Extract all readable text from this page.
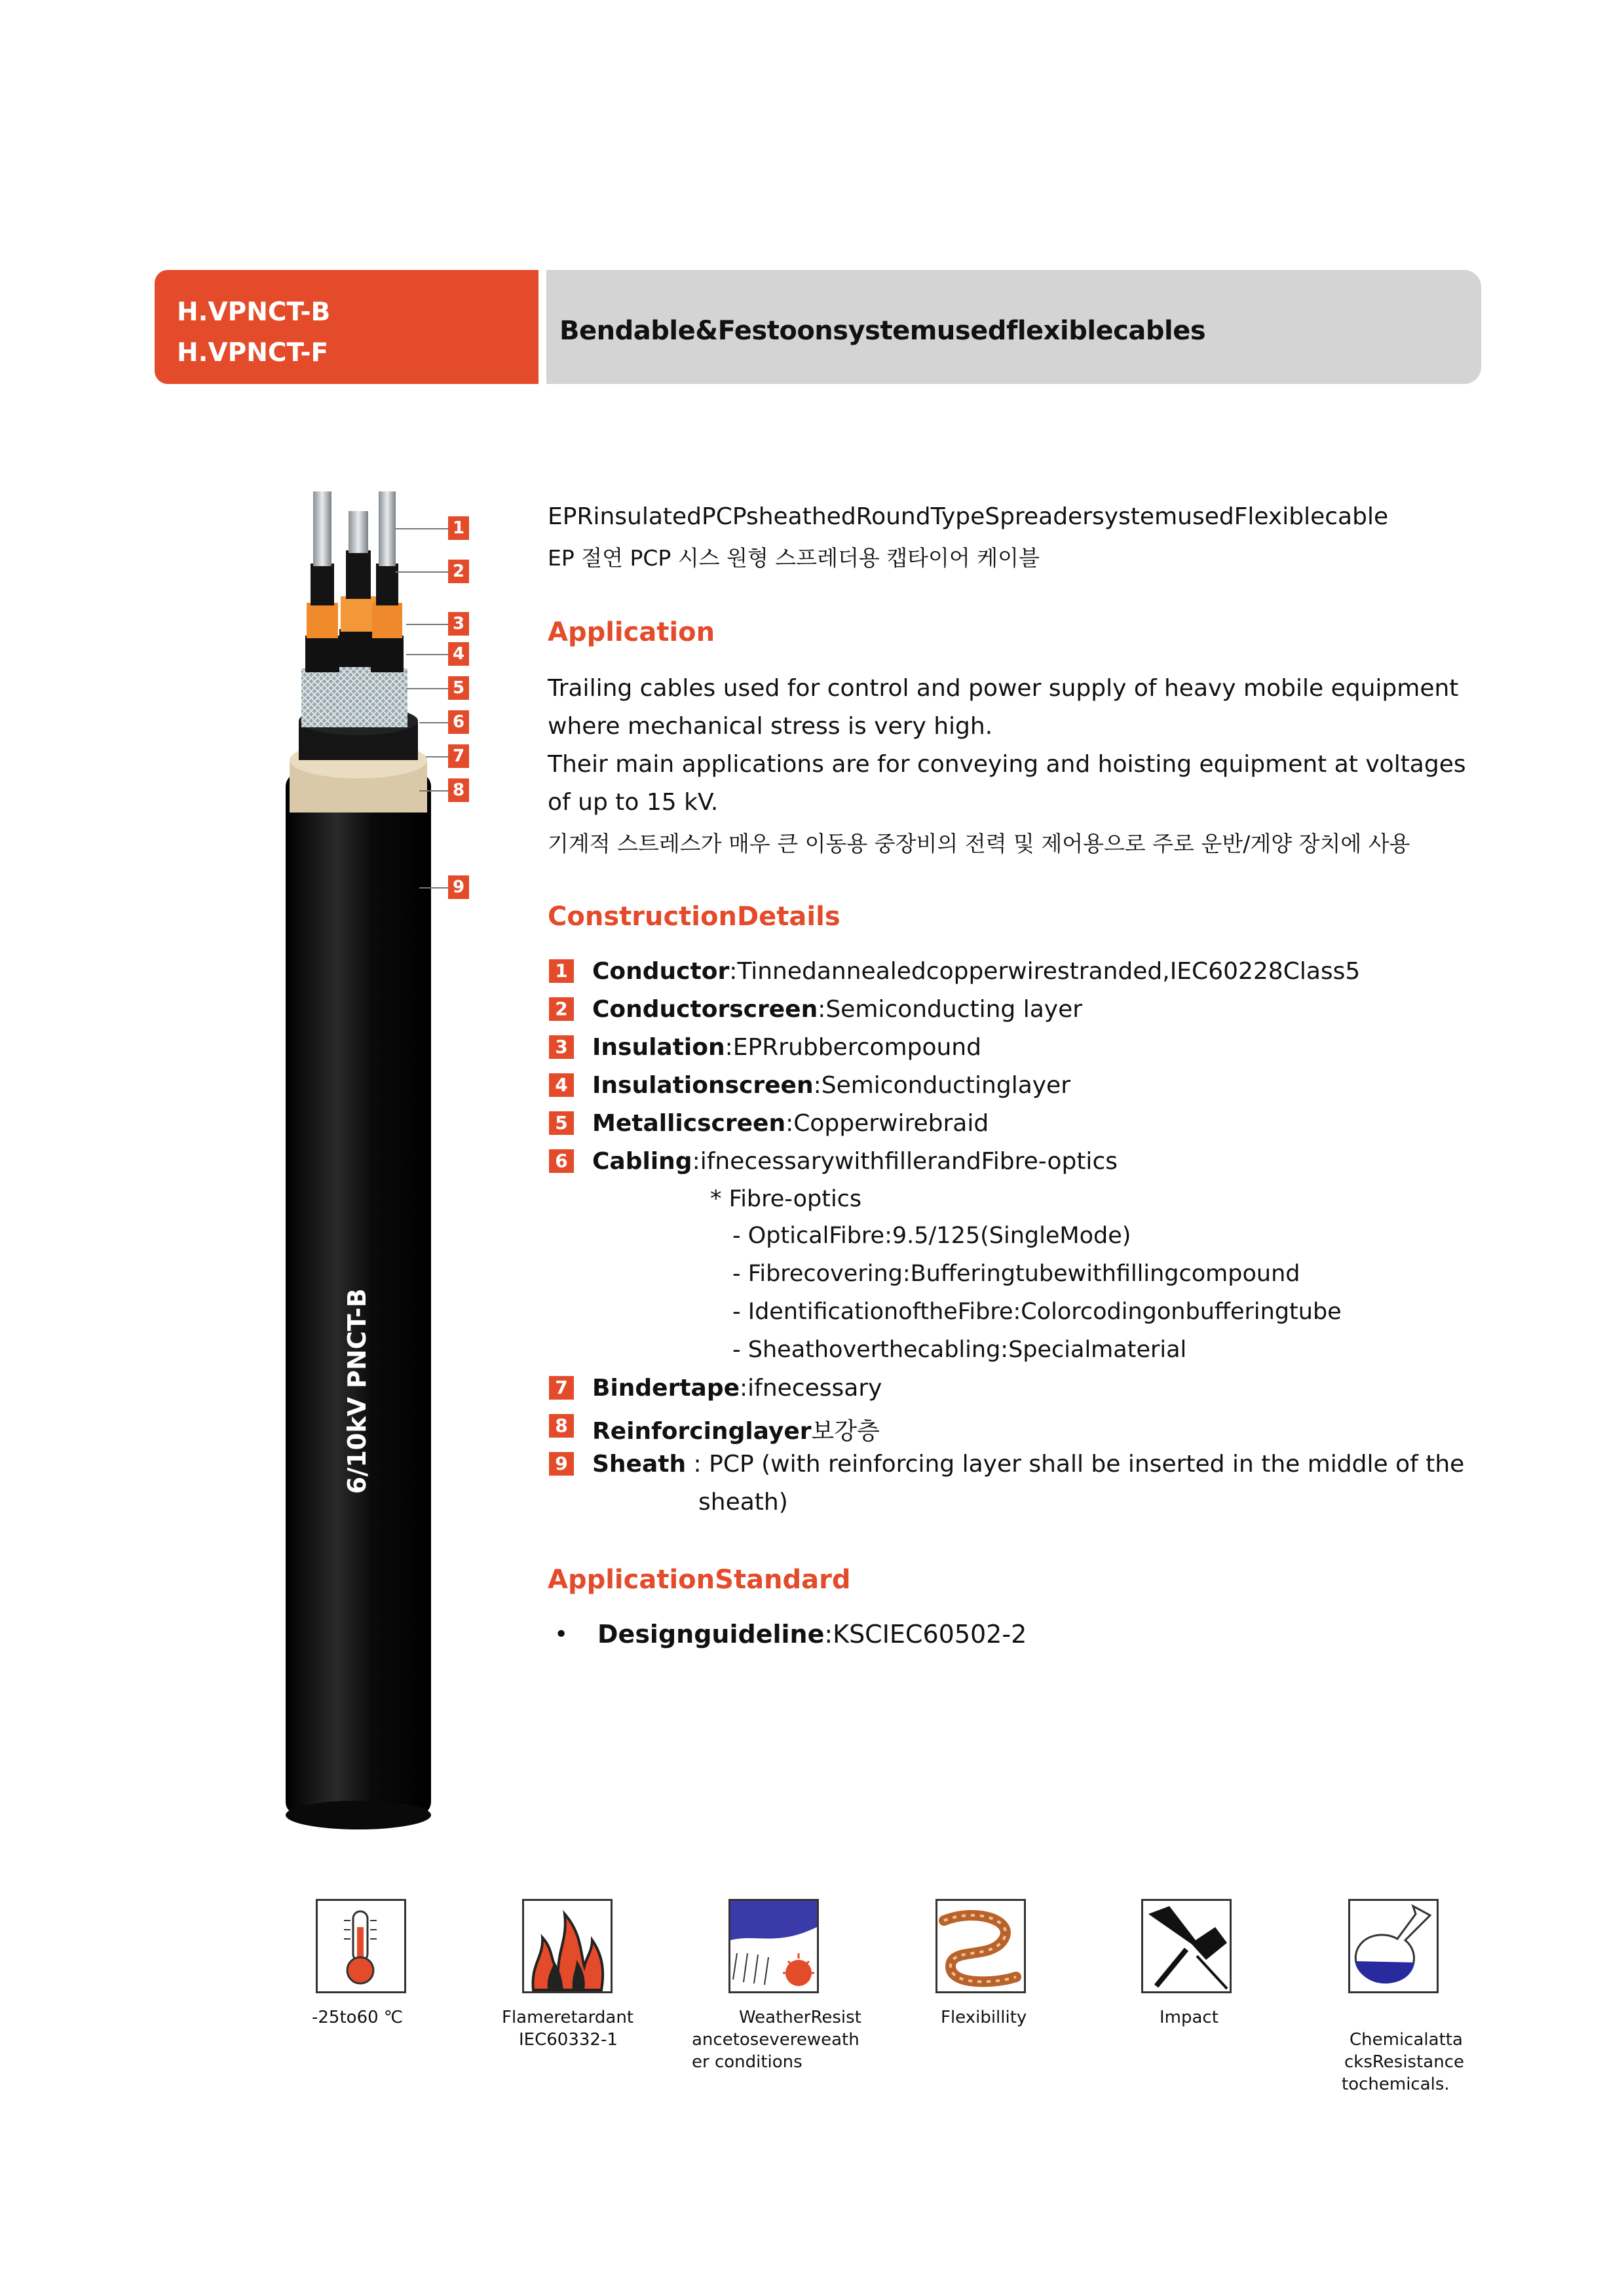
H.VPNCT-B
H.VPNCT-F
Bendable&Festoonsystemusedflexiblecables
6/10kV PNCT-B
1
2
3
4
5
6
7
8
9
EPRinsulatedPCPsheathedRoundTypeSpreadersystemusedFlexiblecable
EP 절연 PCP 시스 원형 스프레더용 캡타이어 케이블
Application
Trailing cables used for control and power supply of heavy mobile equipment
where mechanical stress is very high.
Their main applications are for conveying and hoisting equipment at voltages
of up to 15 kV.
기계적 스트레스가 매우 큰 이동용 중장비의 전력 및 제어용으로 주로 운반/게양 장치에 사용
ConstructionDetails
1 Conductor:Tinnedannealedcopperwirestranded,IEC60228Class5
2 Conductorscreen:Semiconducting layer
3 Insulation:EPRrubbercompound
4 Insulationscreen:Semiconductinglayer
5 Metallicscreen:Copperwirebraid
6 Cabling:ifnecessarywithfillerandFibre-optics
* Fibre-optics
- OpticalFibre:9.5/125(SingleMode)
- Fibrecovering:Bufferingtubewithfillingcompound
- IdentificationoftheFibre:Colorcodingonbufferingtube
- Sheathoverthecabling:Specialmaterial
7 Bindertape:ifnecessary
8 Reinforcinglayer보강층
9 Sheath : PCP (with reinforcing layer shall be inserted in the middle of the
sheath)
ApplicationStandard
• Designguideline:KSCIEC60502-2
-25to60 ℃	Flameretardant
IEC60332-1
WeatherResist
ancetosevereweath
er conditions
Flexibillity	Impact
Chemicalatta
cksResistance
tochemicals.
